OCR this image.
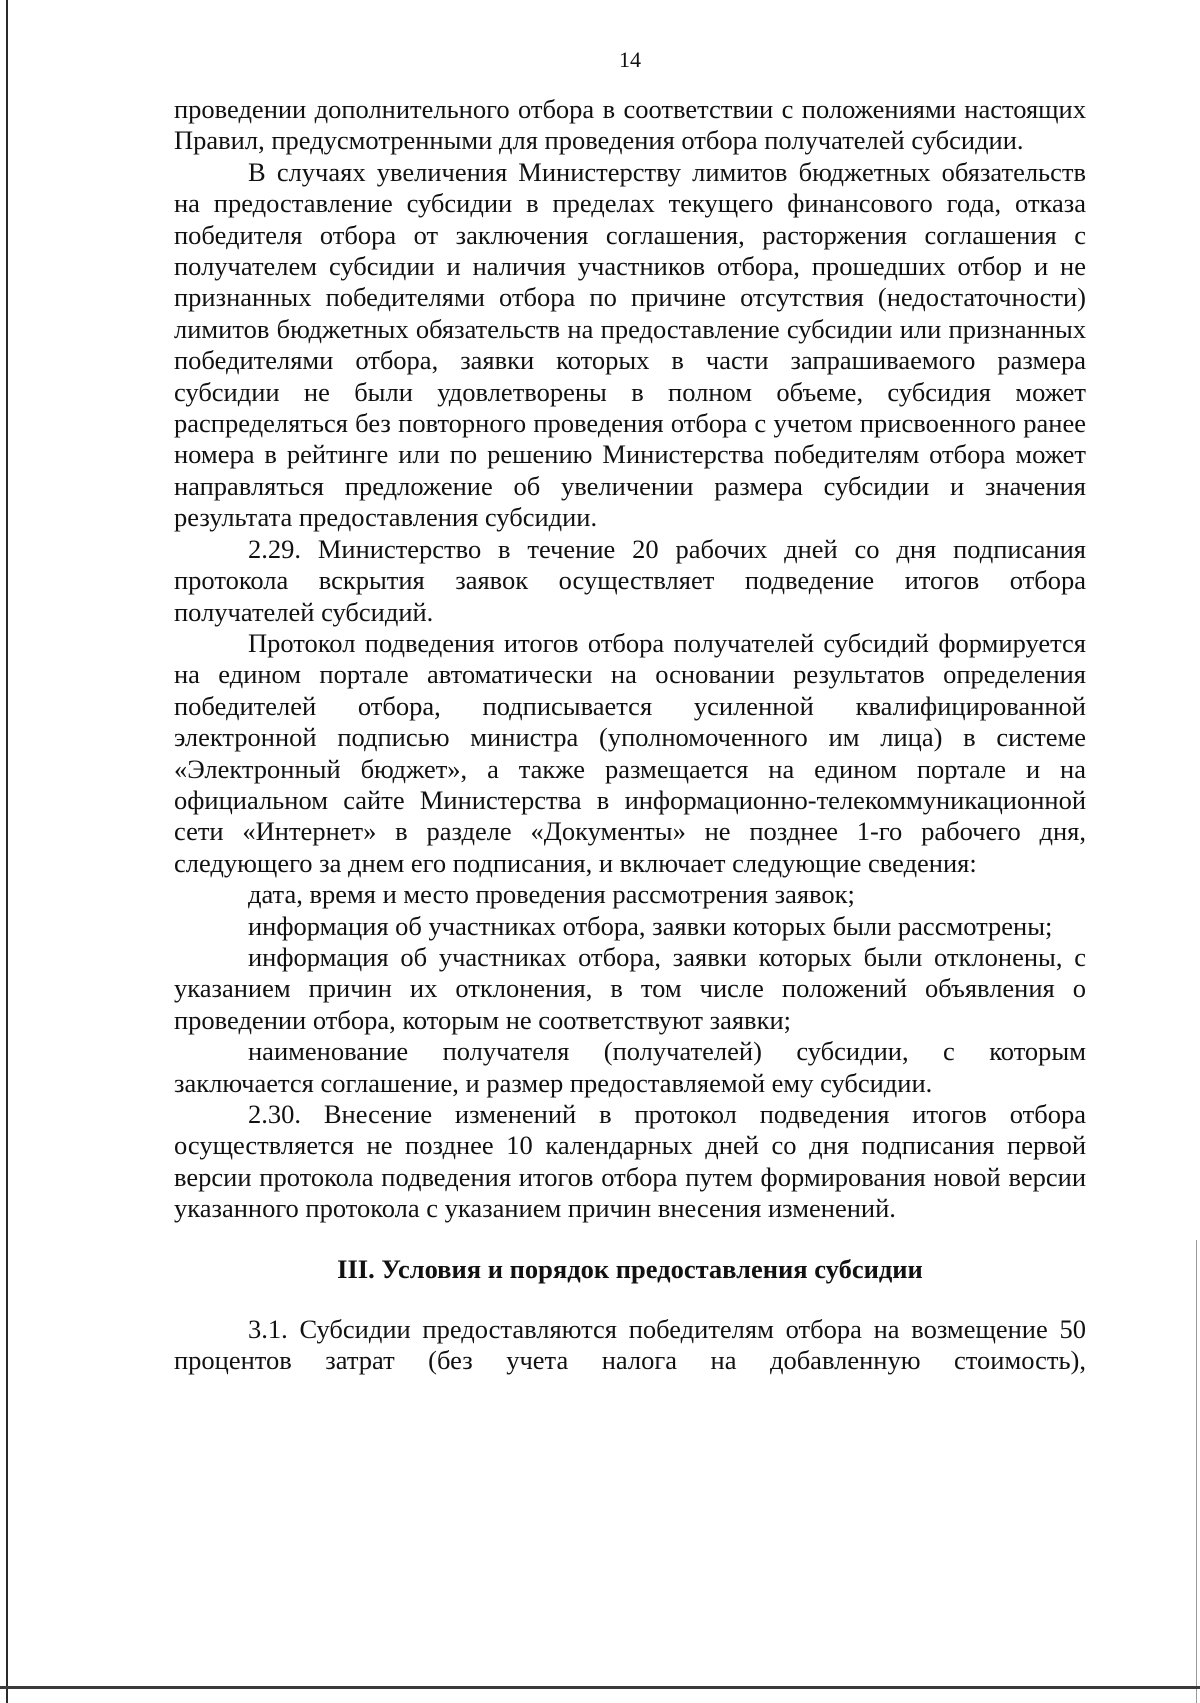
14

проведении дополнительного отбора в соответствии с положениями настоящих Правил, предусмотренными для проведения отбора получателей субсидии.

В случаях увеличения Министерству лимитов бюджетных обязательств на предоставление субсидии в пределах текущего финансового года, отказа победителя отбора от заключения соглашения, расторжения соглашения с получателем субсидии и наличия участников отбора, прошедших отбор и не признанных победителями отбора по причине отсутствия (недостаточности) лимитов бюджетных обязательств на предоставление субсидии или признанных победителями отбора, заявки которых в части запрашиваемого размера субсидии не были удовлетворены в полном объеме, субсидия может распределяться без повторного проведения отбора с учетом присвоенного ранее номера в рейтинге или по решению Министерства победителям отбора может направляться предложение об увеличении размера субсидии и значения результата предоставления субсидии.

2.29. Министерство в течение 20 рабочих дней со дня подписания протокола вскрытия заявок осуществляет подведение итогов отбора получателей субсидий.

Протокол подведения итогов отбора получателей субсидий формируется на едином портале автоматически на основании результатов определения победителей отбора, подписывается усиленной квалифицированной электронной подписью министра (уполномоченного им лица) в системе «Электронный бюджет», а также размещается на едином портале и на официальном сайте Министерства в информационно-телекоммуникационной сети «Интернет» в разделе «Документы» не позднее 1-го рабочего дня, следующего за днем его подписания, и включает следующие сведения:

дата, время и место проведения рассмотрения заявок;

информация об участниках отбора, заявки которых были рассмотрены;

информация об участниках отбора, заявки которых были отклонены, с указанием причин их отклонения, в том числе положений объявления о проведении отбора, которым не соответствуют заявки;

наименование получателя (получателей) субсидии, с которым заключается соглашение, и размер предоставляемой ему субсидии.

2.30. Внесение изменений в протокол подведения итогов отбора осуществляется не позднее 10 календарных дней со дня подписания первой версии протокола подведения итогов отбора путем формирования новой версии указанного протокола с указанием причин внесения изменений.

III. Условия и порядок предоставления субсидии

3.1. Субсидии предоставляются победителям отбора на возмещение 50 процентов затрат (без учета налога на добавленную стоимость),
